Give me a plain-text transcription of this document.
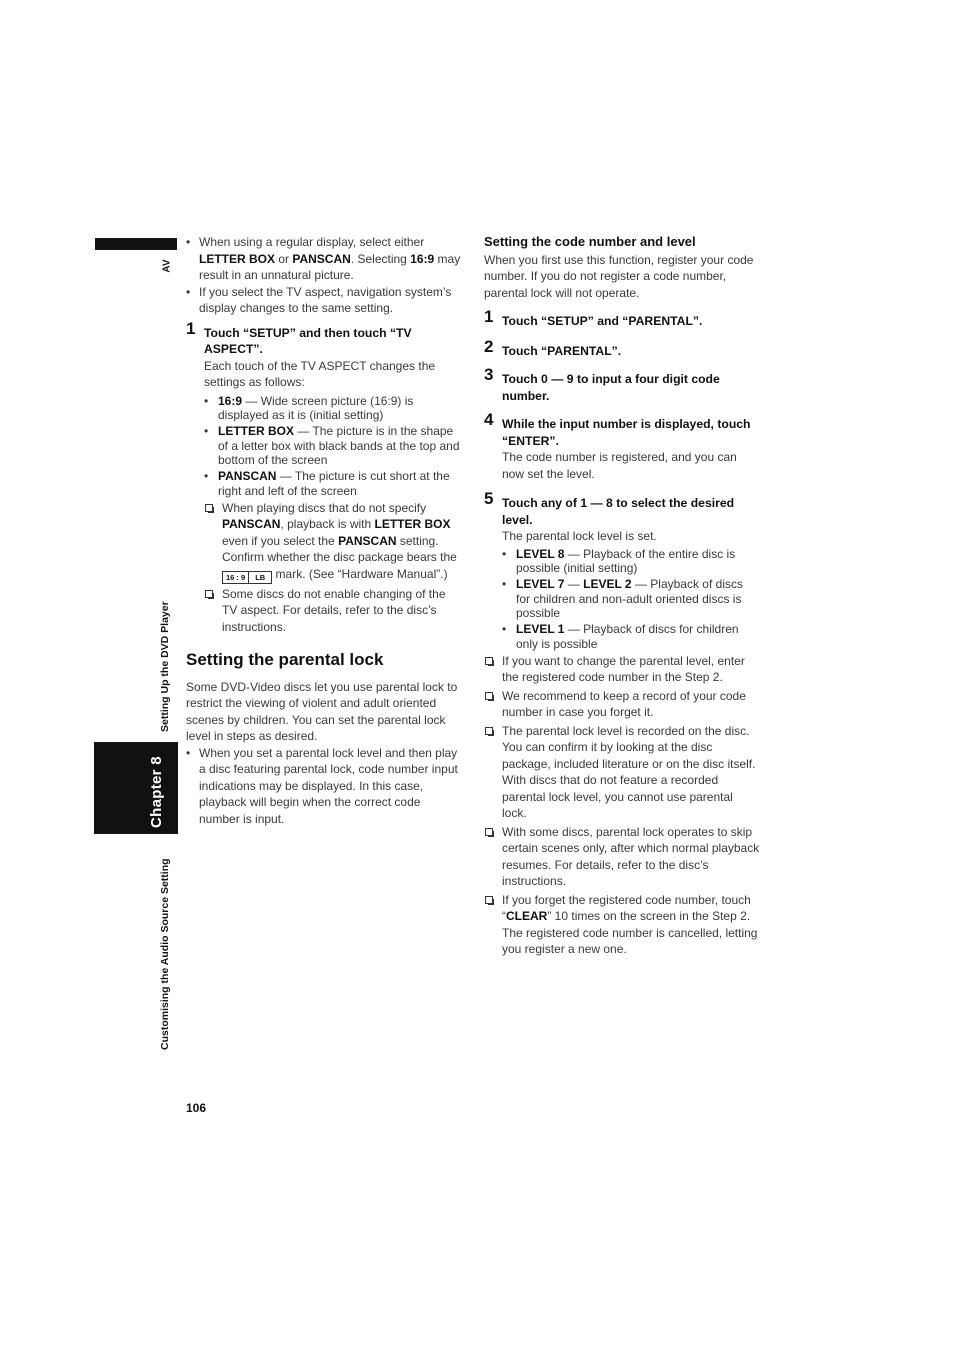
AV
Setting Up the DVD Player
Chapter 8
Customising the Audio Source Setting
106

• When using a regular display, select either LETTER BOX or PANSCAN. Selecting 16:9 may result in an unnatural picture.

• If you select the TV aspect, navigation system’s display changes to the same setting.

1 Touch “SETUP” and then touch “TV ASPECT”.

Each touch of the TV ASPECT changes the settings as follows:

• 16:9 — Wide screen picture (16:9) is displayed as it is (initial setting)

• LETTER BOX — The picture is in the shape of a letter box with black bands at the top and bottom of the screen

• PANSCAN — The picture is cut short at the right and left of the screen

When playing discs that do not specify PANSCAN, playback is with LETTER BOX even if you select the PANSCAN setting. Confirm whether the disc package bears the 16 : 9 LB mark. (See “Hardware Manual”.)

Some discs do not enable changing of the TV aspect. For details, refer to the disc’s instructions.

Setting the parental lock

Some DVD-Video discs let you use parental lock to restrict the viewing of violent and adult oriented scenes by children. You can set the parental lock level in steps as desired.

• When you set a parental lock level and then play a disc featuring parental lock, code number input indications may be displayed. In this case, playback will begin when the correct code number is input.

Setting the code number and level

When you first use this function, register your code number. If you do not register a code number, parental lock will not operate.

1 Touch “SETUP” and “PARENTAL”.

2 Touch “PARENTAL”.

3 Touch 0 — 9 to input a four digit code number.

4 While the input number is displayed, touch “ENTER”.

The code number is registered, and you can now set the level.

5 Touch any of 1 — 8 to select the desired level.

The parental lock level is set.

• LEVEL 8 — Playback of the entire disc is possible (initial setting)

• LEVEL 7 — LEVEL 2 — Playback of discs for children and non-adult oriented discs is possible

• LEVEL 1 — Playback of discs for children only is possible

If you want to change the parental level, enter the registered code number in the Step 2.

We recommend to keep a record of your code number in case you forget it.

The parental lock level is recorded on the disc. You can confirm it by looking at the disc package, included literature or on the disc itself. With discs that do not feature a recorded parental lock level, you cannot use parental lock.

With some discs, parental lock operates to skip certain scenes only, after which normal playback resumes. For details, refer to the disc’s instructions.

If you forget the registered code number, touch “CLEAR” 10 times on the screen in the Step 2. The registered code number is cancelled, letting you register a new one.
